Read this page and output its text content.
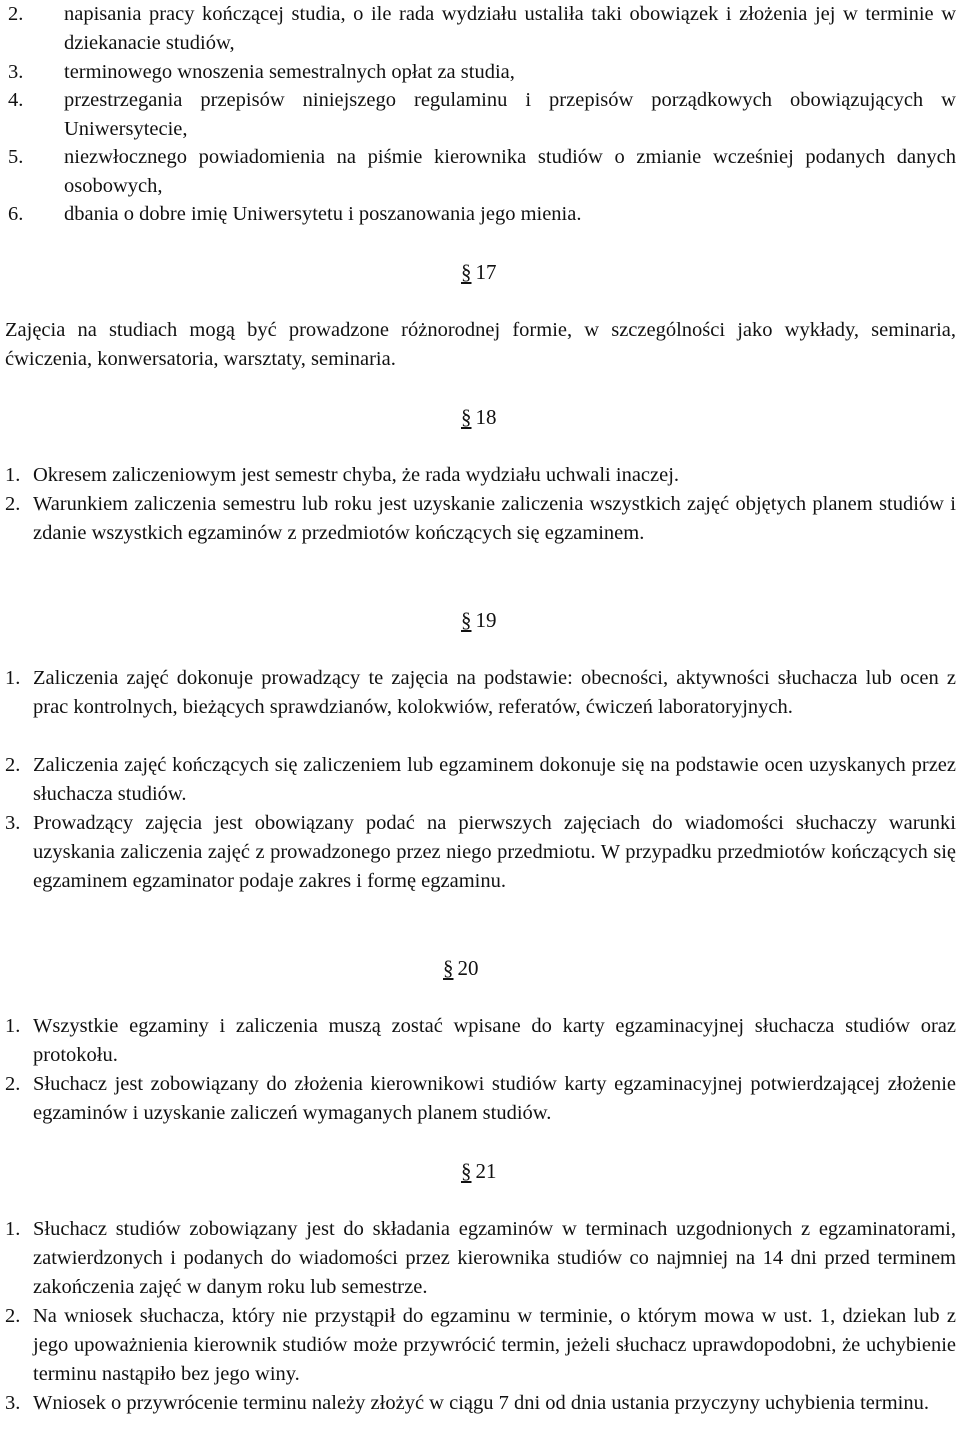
2.	napisania pracy kończącej studia, o ile rada wydziału ustaliła taki obowiązek i złożenia jej w terminie w dziekanacie studiów,
3.	terminowego wnoszenia semestralnych opłat za studia,
4.	przestrzegania przepisów niniejszego regulaminu i przepisów porządkowych obowiązujących w Uniwersytecie,
5.	niezwłocznego powiadomienia na piśmie kierownika studiów o zmianie wcześniej podanych danych osobowych,
6.	dbania o dobre imię Uniwersytetu i poszanowania jego mienia.
§ 17
Zajęcia na studiach mogą być prowadzone różnorodnej formie, w szczególności jako wykłady, seminaria, ćwiczenia, konwersatoria, warsztaty, seminaria.
§ 18
1. Okresem zaliczeniowym jest semestr chyba, że rada wydziału uchwali inaczej.
2. Warunkiem zaliczenia semestru lub roku jest uzyskanie zaliczenia wszystkich zajęć objętych planem studiów i zdanie wszystkich egzaminów z przedmiotów kończących się egzaminem.
§ 19
1. Zaliczenia zajęć dokonuje prowadzący te zajęcia na podstawie: obecności, aktywności słuchacza lub ocen z prac kontrolnych, bieżących sprawdzianów, kolokwiów, referatów, ćwiczeń laboratoryjnych.
2. Zaliczenia zajęć kończących się zaliczeniem lub egzaminem dokonuje się na podstawie ocen uzyskanych przez słuchacza studiów.
3. Prowadzący zajęcia jest obowiązany podać na pierwszych zajęciach do wiadomości słuchaczy warunki uzyskania zaliczenia zajęć z prowadzonego przez niego przedmiotu. W przypadku przedmiotów kończących się egzaminem egzaminator podaje zakres i formę egzaminu.
§ 20
1. Wszystkie egzaminy i zaliczenia muszą zostać wpisane do karty egzaminacyjnej słuchacza studiów oraz protokołu.
2. Słuchacz jest zobowiązany do złożenia kierownikowi studiów karty egzaminacyjnej potwierdzającej złożenie egzaminów i uzyskanie zaliczeń wymaganych planem studiów.
§ 21
1. Słuchacz studiów zobowiązany jest do składania egzaminów w terminach uzgodnionych z egzaminatorami, zatwierdzonych i podanych do wiadomości przez kierownika studiów co najmniej na 14 dni przed terminem zakończenia zajęć w danym roku lub semestrze.
2. Na wniosek słuchacza, który nie przystąpił do egzaminu w terminie, o którym mowa w ust. 1, dziekan lub z jego upoważnienia kierownik studiów może przywrócić termin, jeżeli słuchacz uprawdopodobni, że uchybienie terminu nastąpiło bez jego winy.
3. Wniosek o przywrócenie terminu należy złożyć w ciągu 7 dni od dnia ustania przyczyny uchybienia terminu.
